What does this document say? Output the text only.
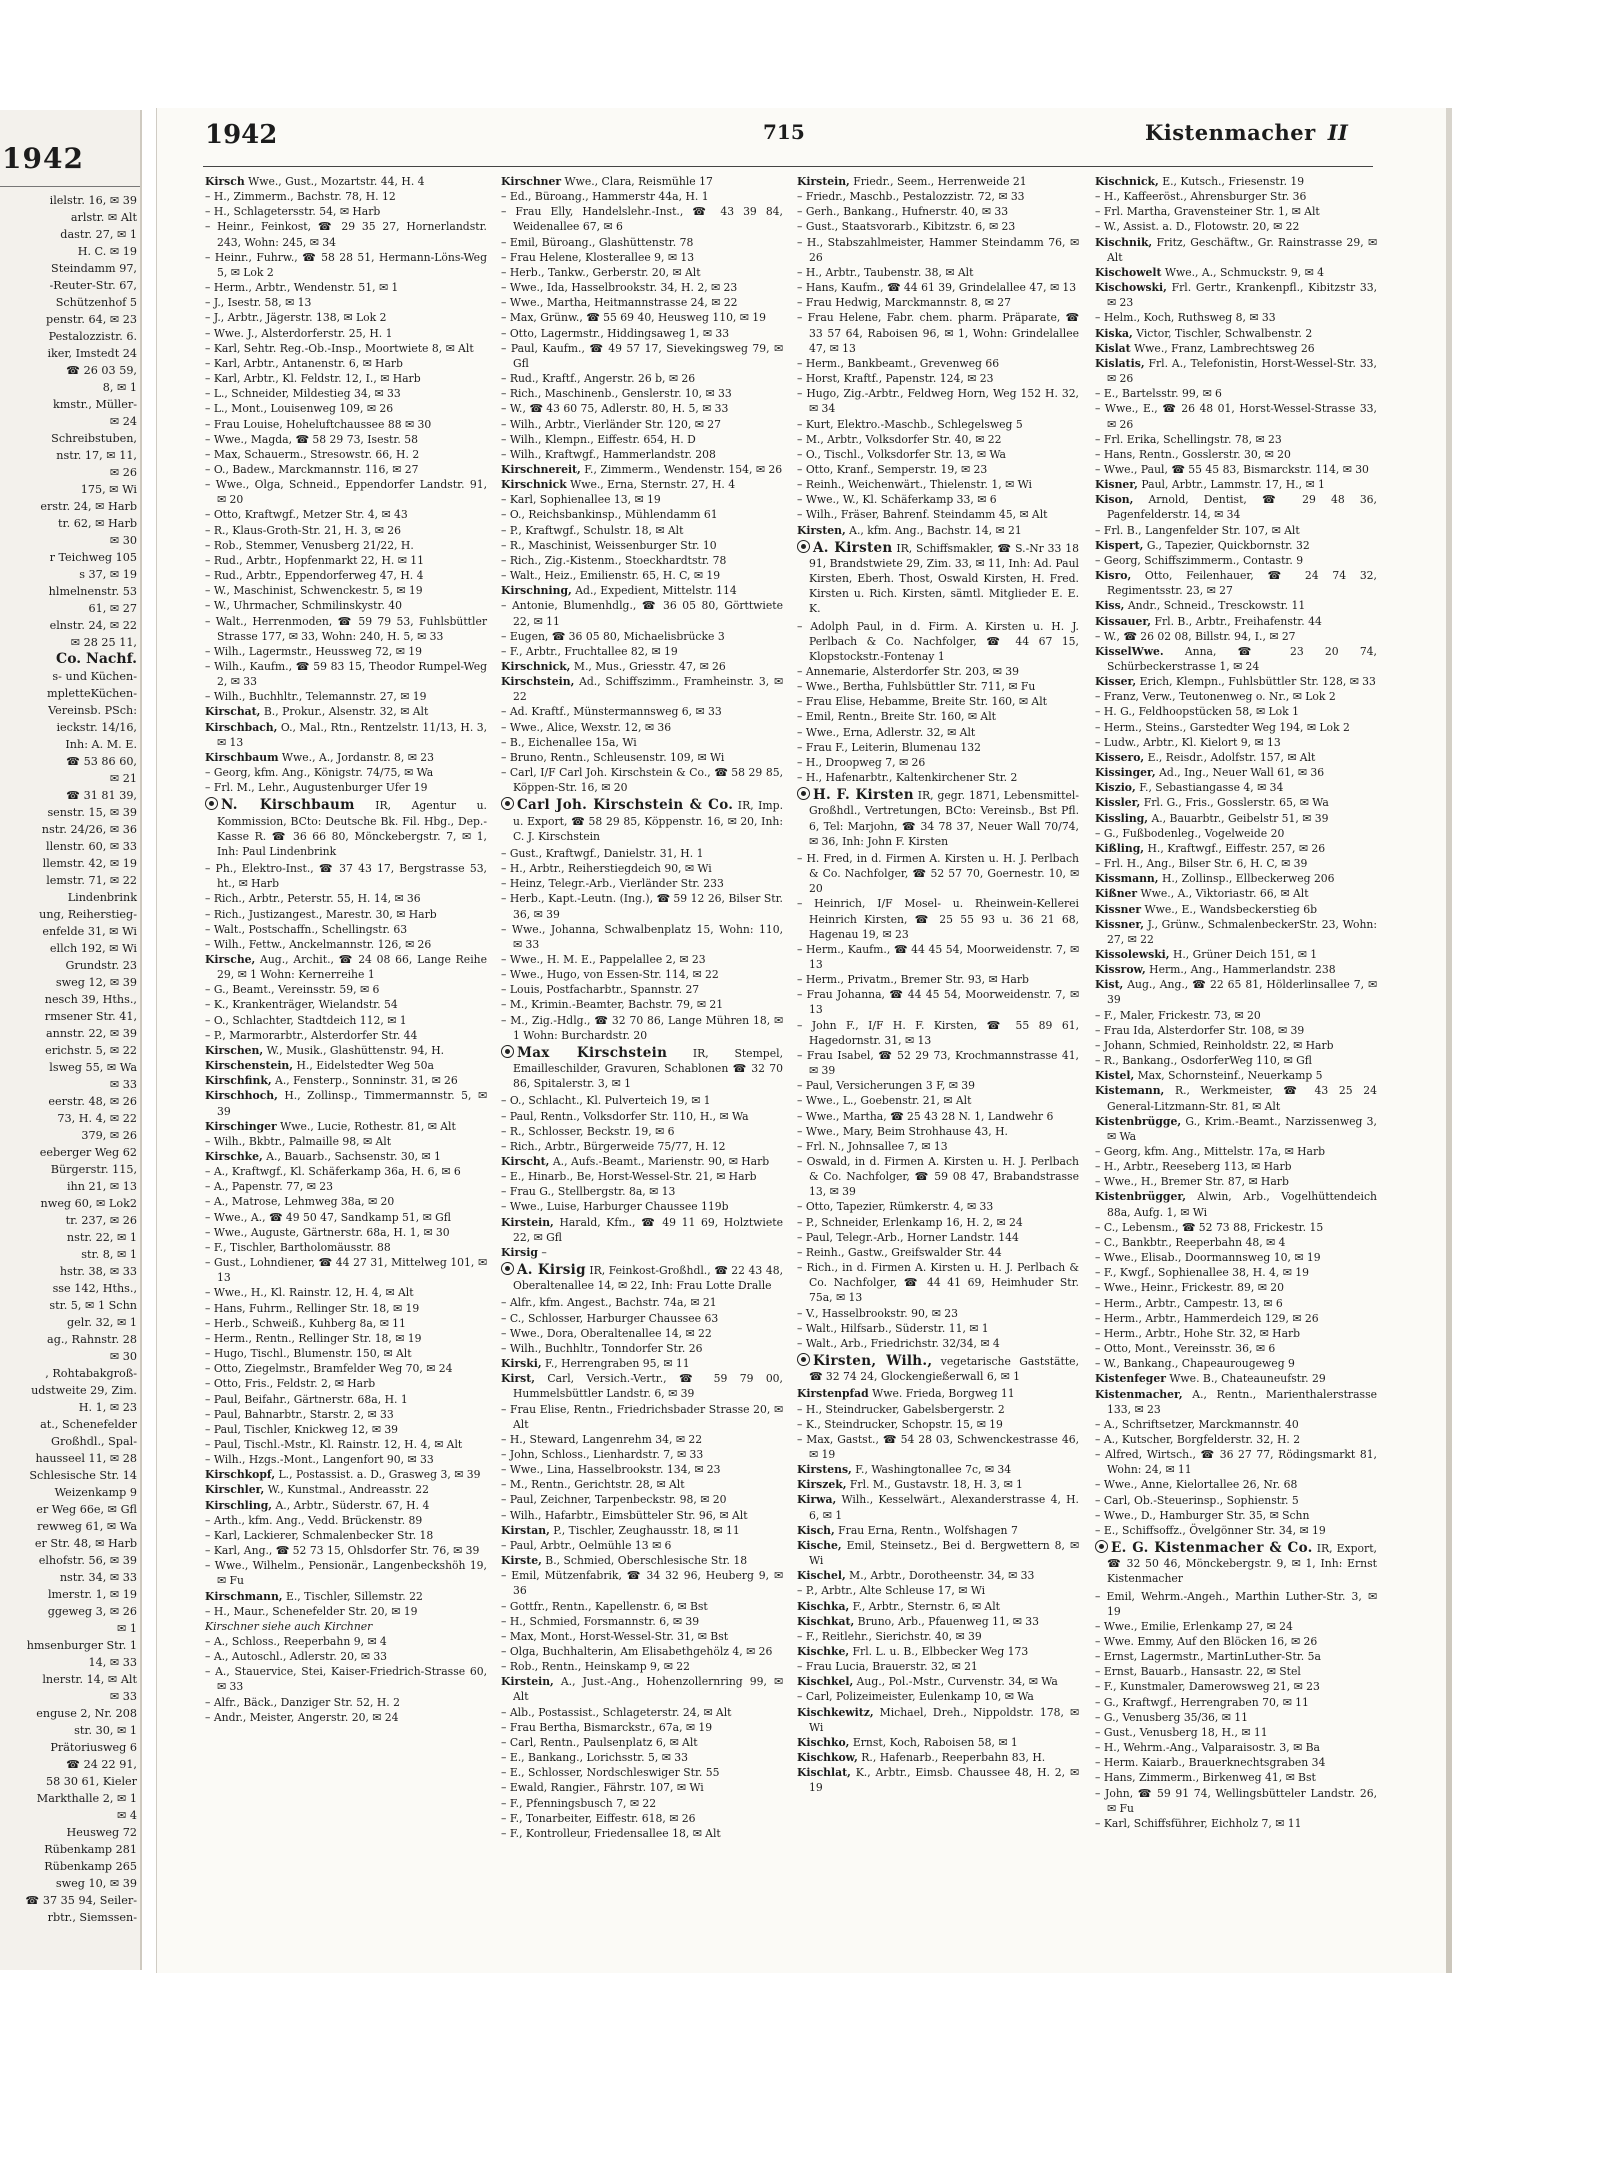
1942
ilelstr. 16, ✉ 39
arlstr. ✉ Alt
dastr. 27, ✉ 1
H. C. ✉ 19
Steindamm 97,
-Reuter-Str. 67,
Schützenhof 5
penstr. 64, ✉ 23
Pestalozzistr. 6.
iker, Imstedt 24
☎ 26 03 59,
8, ✉ 1
kmstr., Müller-
✉ 24
Schreibstuben,
nstr. 17, ✉ 11,
✉ 26
175, ✉ Wi
erstr. 24, ✉ Harb
tr. 62, ✉ Harb
✉ 30
r Teichweg 105
s 37, ✉ 19
hlmelnenstr. 53
61, ✉ 27
elnstr. 24, ✉ 22
✉ 28 25 11,
Co. Nachf.
s- und Küchen-
mpletteKüchen-
Vereinsb. PSch:
ieckstr. 14/16,
Inh: A. M. E.
☎ 53 86 60,
✉ 21
☎ 31 81 39,
senstr. 15, ✉ 39
nstr. 24/26, ✉ 36
llenstr. 60, ✉ 33
llemstr. 42, ✉ 19
lemstr. 71, ✉ 22
Lindenbrink
ung, Reiherstieg-
enfelde 31, ✉ Wi
ellch 192, ✉ Wi
Grundstr. 23
sweg 12, ✉ 39
nesch 39, Hths.,
rmsener Str. 41,
annstr. 22, ✉ 39
erichstr. 5, ✉ 22
lsweg 55, ✉ Wa
✉ 33
eerstr. 48, ✉ 26
73, H. 4, ✉ 22
379, ✉ 26
eeberger Weg 62
Bürgerstr. 115,
ihn 21, ✉ 13
nweg 60, ✉ Lok2
tr. 237, ✉ 26
nstr. 22, ✉ 1
str. 8, ✉ 1
hstr. 38, ✉ 33
sse 142, Hths.,
str. 5, ✉ 1 Schn
gelr. 32, ✉ 1
ag., Rahnstr. 28
✉ 30
, Rohtabakgroß-
udstweite 29, Zim.
H. 1, ✉ 23
at., Schenefelder
Großhdl., Spal-
hausseel 11, ✉ 28
Schlesische Str. 14
Weizenkamp 9
er Weg 66e, ✉ Gfl
rewweg 61, ✉ Wa
er Str. 48, ✉ Harb
elhofstr. 56, ✉ 39
nstr. 34, ✉ 33
lmerstr. 1, ✉ 19
ggeweg 3, ✉ 26
✉ 1
hmsenburger Str. 1
14, ✉ 33
lnerstr. 14, ✉ Alt
✉ 33
enguse 2, Nr. 208
str. 30, ✉ 1
Prätoriusweg 6
☎ 24 22 91,
58 30 61, Kieler
Markthalle 2, ✉ 1
✉ 4
Heusweg 72
Rübenkamp 281
Rübenkamp 265
sweg 10, ✉ 39
☎ 37 35 94, Seiler-
rbtr., Siemssen-
1942	715	Kistenmacher II
Kirsch Wwe., Gust., Mozartstr. 44, H. 4
– H., Zimmerm., Bachstr. 78, H. 12
– H., Schlagetersstr. 54, ✉ Harb
– Heinr., Feinkost, ☎ 29 35 27, Hornerlandstr. 243, Wohn: 245, ✉ 34
– Heinr., Fuhrw., ☎ 58 28 51, Hermann-Löns-Weg 5, ✉ Lok 2
– Herm., Arbtr., Wendenstr. 51, ✉ 1
– J., Isestr. 58, ✉ 13
– J., Arbtr., Jägerstr. 138, ✉ Lok 2
– Wwe. J., Alsterdorferstr. 25, H. 1
– Karl, Sehtr. Reg.-Ob.-Insp., Moortwiete 8, ✉ Alt
– Karl, Arbtr., Antanenstr. 6, ✉ Harb
– Karl, Arbtr., Kl. Feldstr. 12, I., ✉ Harb
– L., Schneider, Mildestieg 34, ✉ 33
– L., Mont., Louisenweg 109, ✉ 26
– Frau Louise, Hoheluftchaussee 88 ✉ 30
– Wwe., Magda, ☎ 58 29 73, Isestr. 58
– Max, Schauerm., Stresowstr. 66, H. 2
– O., Badew., Marckmannstr. 116, ✉ 27
– Wwe., Olga, Schneid., Eppendorfer Landstr. 91, ✉ 20
– Otto, Kraftwgf., Metzer Str. 4, ✉ 43
– R., Klaus-Groth-Str. 21, H. 3, ✉ 26
– Rob., Stemmer, Venusberg 21/22, H.
– Rud., Arbtr., Hopfenmarkt 22, H. ✉ 11
– Rud., Arbtr., Eppendorferweg 47, H. 4
– W., Maschinist, Schwenckestr. 5, ✉ 19
– W., Uhrmacher, Schmilinskystr. 40
– Walt., Herrenmoden, ☎ 59 79 53, Fuhlsbüttler Strasse 177, ✉ 33, Wohn: 240, H. 5, ✉ 33
– Wilh., Lagermstr., Heussweg 72, ✉ 19
– Wilh., Kaufm., ☎ 59 83 15, Theodor Rumpel-Weg 2, ✉ 33
– Wilh., Buchhltr., Telemannstr. 27, ✉ 19
Kirschat, B., Prokur., Alsenstr. 32, ✉ Alt
Kirschbach, O., Mal., Rtn., Rentzelstr. 11/13, H. 3, ✉ 13
Kirschbaum Wwe., A., Jordanstr. 8, ✉ 23
– Georg, kfm. Ang., Königstr. 74/75, ✉ Wa
– Frl. M., Lehr., Augustenburger Ufer 19
N. Kirschbaum IR, Agentur u. Kommission, BCto: Deutsche Bk. Fil. Hbg., Dep.-Kasse R. ☎ 36 66 80, Mönckebergstr. 7, ✉ 1, Inh: Paul Lindenbrink
– Ph., Elektro-Inst., ☎ 37 43 17, Bergstrasse 53, ht., ✉ Harb
– Rich., Arbtr., Peterstr. 55, H. 14, ✉ 36
– Rich., Justizangest., Marestr. 30, ✉ Harb
– Walt., Postschaffn., Schellingstr. 63
– Wilh., Fettw., Anckelmannstr. 126, ✉ 26
Kirsche, Aug., Archit., ☎ 24 08 66, Lange Reihe 29, ✉ 1 Wohn: Kernerreihe 1
– G., Beamt., Vereinsstr. 59, ✉ 6
– K., Krankenträger, Wielandstr. 54
– O., Schlachter, Stadtdeich 112, ✉ 1
– P., Marmorarbtr., Alsterdorfer Str. 44
Kirschen, W., Musik., Glashüttenstr. 94, H.
Kirschenstein, H., Eidelstedter Weg 50a
Kirschfink, A., Fensterp., Sonninstr. 31, ✉ 26
Kirschhoch, H., Zollinsp., Timmermannstr. 5, ✉ 39
Kirschinger Wwe., Lucie, Rothestr. 81, ✉ Alt
– Wilh., Bkbtr., Palmaille 98, ✉ Alt
Kirschke, A., Bauarb., Sachsenstr. 30, ✉ 1
– A., Kraftwgf., Kl. Schäferkamp 36a, H. 6, ✉ 6
– A., Papenstr. 77, ✉ 23
– A., Matrose, Lehmweg 38a, ✉ 20
– Wwe., A., ☎ 49 50 47, Sandkamp 51, ✉ Gfl
– Wwe., Auguste, Gärtnerstr. 68a, H. 1, ✉ 30
– F., Tischler, Bartholomäusstr. 88
– Gust., Lohndiener, ☎ 44 27 31, Mittelweg 101, ✉ 13
– Wwe., H., Kl. Rainstr. 12, H. 4, ✉ Alt
– Hans, Fuhrm., Rellinger Str. 18, ✉ 19
– Herb., Schweiß., Kuhberg 8a, ✉ 11
– Herm., Rentn., Rellinger Str. 18, ✉ 19
– Hugo, Tischl., Blumenstr. 150, ✉ Alt
– Otto, Ziegelmstr., Bramfelder Weg 70, ✉ 24
– Otto, Fris., Feldstr. 2, ✉ Harb
– Paul, Beifahr., Gärtnerstr. 68a, H. 1
– Paul, Bahnarbtr., Starstr. 2, ✉ 33
– Paul, Tischler, Knickweg 12, ✉ 39
– Paul, Tischl.-Mstr., Kl. Rainstr. 12, H. 4, ✉ Alt
– Wilh., Hzgs.-Mont., Langenfort 90, ✉ 33
Kirschkopf, L., Postassist. a. D., Grasweg 3, ✉ 39
Kirschler, W., Kunstmal., Andreasstr. 22
Kirschling, A., Arbtr., Süderstr. 67, H. 4
– Arth., kfm. Ang., Vedd. Brückenstr. 89
– Karl, Lackierer, Schmalenbecker Str. 18
– Karl, Ang., ☎ 52 73 15, Ohlsdorfer Str. 76, ✉ 39
– Wwe., Wilhelm., Pensionär., Langenbeckshöh 19, ✉ Fu
Kirschmann, E., Tischler, Sillemstr. 22
– H., Maur., Schenefelder Str. 20, ✉ 19
Kirschner siehe auch Kirchner
– A., Schloss., Reeperbahn 9, ✉ 4
– A., Autoschl., Adlerstr. 20, ✉ 33
– A., Stauervice, Stei, Kaiser-Friedrich-Strasse 60, ✉ 33
– Alfr., Bäck., Danziger Str. 52, H. 2
– Andr., Meister, Angerstr. 20, ✉ 24
Kirschner Wwe., Clara, Reismühle 17
– Ed., Büroang., Hammerstr 44a, H. 1
– Frau Elly, Handelslehr.-Inst., ☎ 43 39 84, Weidenallee 67, ✉ 6
– Emil, Büroang., Glashüttenstr. 78
– Frau Helene, Klosterallee 9, ✉ 13
– Herb., Tankw., Gerberstr. 20, ✉ Alt
– Wwe., Ida, Hasselbrookstr. 34, H. 2, ✉ 23
– Wwe., Martha, Heitmannstrasse 24, ✉ 22
– Max, Grünw., ☎ 55 69 40, Heusweg 110, ✉ 19
– Otto, Lagermstr., Hiddingsaweg 1, ✉ 33
– Paul, Kaufm., ☎ 49 57 17, Sievekingsweg 79, ✉ Gfl
– Rud., Kraftf., Angerstr. 26 b, ✉ 26
– Rich., Maschinenb., Genslerstr. 10, ✉ 33
– W., ☎ 43 60 75, Adlerstr. 80, H. 5, ✉ 33
– Wilh., Arbtr., Vierländer Str. 120, ✉ 27
– Wilh., Klempn., Eiffestr. 654, H. D
– Wilh., Kraftwgf., Hammerlandstr. 208
Kirschnereit, F., Zimmerm., Wendenstr. 154, ✉ 26
Kirschnick Wwe., Erna, Sternstr. 27, H. 4
– Karl, Sophienallee 13, ✉ 19
– O., Reichsbankinsp., Mühlendamm 61
– P., Kraftwgf., Schulstr. 18, ✉ Alt
– R., Maschinist, Weissenburger Str. 10
– Rich., Zig.-Kistenm., Stoeckhardtstr. 78
– Walt., Heiz., Emilienstr. 65, H. C, ✉ 19
Kirschning, Ad., Expedient, Mittelstr. 114
– Antonie, Blumenhdlg., ☎ 36 05 80, Görttwiete 22, ✉ 11
– Eugen, ☎ 36 05 80, Michaelisbrücke 3
– F., Arbtr., Fruchtallee 82, ✉ 19
Kirschnick, M., Mus., Griesstr. 47, ✉ 26
Kirschstein, Ad., Schiffszimm., Framheinstr. 3, ✉ 22
– Ad. Kraftf., Münstermannsweg 6, ✉ 33
– Wwe., Alice, Wexstr. 12, ✉ 36
– B., Eichenallee 15a, Wi
– Bruno, Rentn., Schleusenstr. 109, ✉ Wi
– Carl, I/F Carl Joh. Kirschstein & Co., ☎ 58 29 85, Köppen-Str. 16, ✉ 20
Carl Joh. Kirschstein & Co. IR, Imp. u. Export, ☎ 58 29 85, Köppenstr. 16, ✉ 20, Inh: C. J. Kirschstein
– Gust., Kraftwgf., Danielstr. 31, H. 1
– H., Arbtr., Reiherstiegdeich 90, ✉ Wi
– Heinz, Telegr.-Arb., Vierländer Str. 233
– Herb., Kapt.-Leutn. (Ing.), ☎ 59 12 26, Bilser Str. 36, ✉ 39
– Wwe., Johanna, Schwalbenplatz 15, Wohn: 110, ✉ 33
– Wwe., H. M. E., Pappelallee 2, ✉ 23
– Wwe., Hugo, von Essen-Str. 114, ✉ 22
– Louis, Postfacharbtr., Spannstr. 27
– M., Krimin.-Beamter, Bachstr. 79, ✉ 21
– M., Zig.-Hdlg., ☎ 32 70 86, Lange Mühren 18, ✉ 1 Wohn: Burchardstr. 20
Max Kirschstein IR, Stempel, Emailleschilder, Gravuren, Schablonen ☎ 32 70 86, Spitalerstr. 3, ✉ 1
– O., Schlacht., Kl. Pulverteich 19, ✉ 1
– Paul, Rentn., Volksdorfer Str. 110, H., ✉ Wa
– R., Schlosser, Beckstr. 19, ✉ 6
– Rich., Arbtr., Bürgerweide 75/77, H. 12
Kirscht, A., Aufs.-Beamt., Marienstr. 90, ✉ Harb
– E., Hinarb., Be, Horst-Wessel-Str. 21, ✉ Harb
– Frau G., Stellbergstr. 8a, ✉ 13
– Wwe., Luise, Harburger Chaussee 119b
Kirstein, Harald, Kfm., ☎ 49 11 69, Holztwiete 22, ✉ Gfl
Kirsig –
A. Kirsig IR, Feinkost-Großhdl., ☎ 22 43 48, Oberaltenallee 14, ✉ 22, Inh: Frau Lotte Dralle
– Alfr., kfm. Angest., Bachstr. 74a, ✉ 21
– C., Schlosser, Harburger Chaussee 63
– Wwe., Dora, Oberaltenallee 14, ✉ 22
– Wilh., Buchhltr., Tonndorfer Str. 26
Kirski, F., Herrengraben 95, ✉ 11
Kirst, Carl, Versich.-Vertr., ☎ 59 79 00, Hummelsbüttler Landstr. 6, ✉ 39
– Frau Elise, Rentn., Friedrichsbader Strasse 20, ✉ Alt
– H., Steward, Langenrehm 34, ✉ 22
– John, Schloss., Lienhardstr. 7, ✉ 33
– Wwe., Lina, Hasselbrookstr. 134, ✉ 23
– M., Rentn., Gerichtstr. 28, ✉ Alt
– Paul, Zeichner, Tarpenbeckstr. 98, ✉ 20
– Wilh., Hafarbtr., Eimsbütteler Str. 96, ✉ Alt
Kirstan, P., Tischler, Zeughausstr. 18, ✉ 11
– Paul, Arbtr., Oelmühle 13 ✉ 6
Kirste, B., Schmied, Oberschlesische Str. 18
– Emil, Mützenfabrik, ☎ 34 32 96, Heuberg 9, ✉ 36
– Gottfr., Rentn., Kapellenstr. 6, ✉ Bst
– H., Schmied, Forsmannstr. 6, ✉ 39
– Max, Mont., Horst-Wessel-Str. 31, ✉ Bst
– Olga, Buchhalterin, Am Elisabethgehölz 4, ✉ 26
– Rob., Rentn., Heinskamp 9, ✉ 22
Kirstein, A., Just.-Ang., Hohenzollernring 99, ✉ Alt
– Alb., Postassist., Schlageterstr. 24, ✉ Alt
– Frau Bertha, Bismarckstr., 67a, ✉ 19
– Carl, Rentn., Paulsenplatz 6, ✉ Alt
– E., Bankang., Lorichsstr. 5, ✉ 33
– E., Schlosser, Nordschleswiger Str. 55
– Ewald, Rangier., Fährstr. 107, ✉ Wi
– F., Pfenningsbusch 7, ✉ 22
– F., Tonarbeiter, Eiffestr. 618, ✉ 26
– F., Kontrolleur, Friedensallee 18, ✉ Alt
Kirstein, Friedr., Seem., Herrenweide 21
– Friedr., Maschb., Pestalozzistr. 72, ✉ 33
– Gerh., Bankang., Hufnerstr. 40, ✉ 33
– Gust., Staatsvorarb., Kibitzstr. 6, ✉ 23
– H., Stabszahlmeister, Hammer Steindamm 76, ✉ 26
– H., Arbtr., Taubenstr. 38, ✉ Alt
– Hans, Kaufm., ☎ 44 61 39, Grindelallee 47, ✉ 13
– Frau Hedwig, Marckmannstr. 8, ✉ 27
– Frau Helene, Fabr. chem. pharm. Präparate, ☎ 33 57 64, Raboisen 96, ✉ 1, Wohn: Grindelallee 47, ✉ 13
– Herm., Bankbeamt., Grevenweg 66
– Horst, Kraftf., Papenstr. 124, ✉ 23
– Hugo, Zig.-Arbtr., Feldweg Horn, Weg 152 H. 32, ✉ 34
– Kurt, Elektro.-Maschb., Schlegelsweg 5
– M., Arbtr., Volksdorfer Str. 40, ✉ 22
– O., Tischl., Volksdorfer Str. 13, ✉ Wa
– Otto, Kranf., Semperstr. 19, ✉ 23
– Reinh., Weichenwärt., Thielenstr. 1, ✉ Wi
– Wwe., W., Kl. Schäferkamp 33, ✉ 6
– Wilh., Fräser, Bahrenf. Steindamm 45, ✉ Alt
Kirsten, A., kfm. Ang., Bachstr. 14, ✉ 21
A. Kirsten IR, Schiffsmakler, ☎ S.-Nr 33 18 91, Brandstwiete 29, Zim. 33, ✉ 11, Inh: Ad. Paul Kirsten, Eberh. Thost, Oswald Kirsten, H. Fred. Kirsten u. Rich. Kirsten, sämtl. Mitglieder E. E. K.
– Adolph Paul, in d. Firm. A. Kirsten u. H. J. Perlbach & Co. Nachfolger, ☎ 44 67 15, Klopstockstr.-Fontenay 1
– Annemarie, Alsterdorfer Str. 203, ✉ 39
– Wwe., Bertha, Fuhlsbüttler Str. 711, ✉ Fu
– Frau Elise, Hebamme, Breite Str. 160, ✉ Alt
– Emil, Rentn., Breite Str. 160, ✉ Alt
– Wwe., Erna, Adlerstr. 32, ✉ Alt
– Frau F., Leiterin, Blumenau 132
– H., Droopweg 7, ✉ 26
– H., Hafenarbtr., Kaltenkirchener Str. 2
H. F. Kirsten IR, gegr. 1871, Lebensmittel-Großhdl., Vertretungen, BCto: Vereinsb., Bst Pfl. 6, Tel: Marjohn, ☎ 34 78 37, Neuer Wall 70/74, ✉ 36, Inh: John F. Kirsten
– H. Fred, in d. Firmen A. Kirsten u. H. J. Perlbach & Co. Nachfolger, ☎ 52 57 70, Goernestr. 10, ✉ 20
– Heinrich, I/F Mosel- u. Rheinwein-Kellerei Heinrich Kirsten, ☎ 25 55 93 u. 36 21 68, Hagenau 19, ✉ 23
– Herm., Kaufm., ☎ 44 45 54, Moorweidenstr. 7, ✉ 13
– Herm., Privatm., Bremer Str. 93, ✉ Harb
– Frau Johanna, ☎ 44 45 54, Moorweidenstr. 7, ✉ 13
– John F., I/F H. F. Kirsten, ☎ 55 89 61, Hagedornstr. 31, ✉ 13
– Frau Isabel, ☎ 52 29 73, Krochmannstrasse 41, ✉ 39
– Paul, Versicherungen 3 F, ✉ 39
– Wwe., L., Goebenstr. 21, ✉ Alt
– Wwe., Martha, ☎ 25 43 28 N. 1, Landwehr 6
– Wwe., Mary, Beim Strohhause 43, H.
– Frl. N., Johnsallee 7, ✉ 13
– Oswald, in d. Firmen A. Kirsten u. H. J. Perlbach & Co. Nachfolger, ☎ 59 08 47, Brabandstrasse 13, ✉ 39
– Otto, Tapezier, Rümkerstr. 4, ✉ 33
– P., Schneider, Erlenkamp 16, H. 2, ✉ 24
– Paul, Telegr.-Arb., Horner Landstr. 144
– Reinh., Gastw., Greifswalder Str. 44
– Rich., in d. Firmen A. Kirsten u. H. J. Perlbach & Co. Nachfolger, ☎ 44 41 69, Heimhuder Str. 75a, ✉ 13
– V., Hasselbrookstr. 90, ✉ 23
– Walt., Hilfsarb., Süderstr. 11, ✉ 1
– Walt., Arb., Friedrichstr. 32/34, ✉ 4
Kirsten, Wilh., vegetarische Gaststätte, ☎ 32 74 24, Glockengießerwall 6, ✉ 1
Kirstenpfad Wwe. Frieda, Borgweg 11
– H., Steindrucker, Gabelsbergerstr. 2
– K., Steindrucker, Schopstr. 15, ✉ 19
– Max, Gastst., ☎ 54 28 03, Schwenckestrasse 46, ✉ 19
Kirstens, F., Washingtonallee 7c, ✉ 34
Kirszek, Frl. M., Gustavstr. 18, H. 3, ✉ 1
Kirwa, Wilh., Kesselwärt., Alexanderstrasse 4, H. 6, ✉ 1
Kisch, Frau Erna, Rentn., Wolfshagen 7
Kische, Emil, Steinsetz., Bei d. Bergwettern 8, ✉ Wi
Kischel, M., Arbtr., Dorotheenstr. 34, ✉ 33
– P., Arbtr., Alte Schleuse 17, ✉ Wi
Kischka, F., Arbtr., Sternstr. 6, ✉ Alt
Kischkat, Bruno, Arb., Pfauenweg 11, ✉ 33
– F., Reitlehr., Sierichstr. 40, ✉ 39
Kischke, Frl. L. u. B., Elbbecker Weg 173
– Frau Lucia, Brauerstr. 32, ✉ 21
Kischkel, Aug., Pol.-Mstr., Curvenstr. 34, ✉ Wa
– Carl, Polizeimeister, Eulenkamp 10, ✉ Wa
Kischkewitz, Michael, Dreh., Nippoldstr. 178, ✉ Wi
Kischko, Ernst, Koch, Raboisen 58, ✉ 1
Kischkow, R., Hafenarb., Reeperbahn 83, H.
Kischlat, K., Arbtr., Eimsb. Chaussee 48, H. 2, ✉ 19
Kischnick, E., Kutsch., Friesenstr. 19
– H., Kaffeeröst., Ahrensburger Str. 36
– Frl. Martha, Gravensteiner Str. 1, ✉ Alt
– W., Assist. a. D., Flotowstr. 20, ✉ 22
Kischnik, Fritz, Geschäftw., Gr. Rainstrasse 29, ✉ Alt
Kischowelt Wwe., A., Schmuckstr. 9, ✉ 4
Kischowski, Frl. Gertr., Krankenpfl., Kibitzstr 33, ✉ 23
– Helm., Koch, Ruthsweg 8, ✉ 33
Kiska, Victor, Tischler, Schwalbenstr. 2
Kislat Wwe., Franz, Lambrechtsweg 26
Kislatis, Frl. A., Telefonistin, Horst-Wessel-Str. 33, ✉ 26
– E., Bartelsstr. 99, ✉ 6
– Wwe., E., ☎ 26 48 01, Horst-Wessel-Strasse 33, ✉ 26
– Frl. Erika, Schellingstr. 78, ✉ 23
– Hans, Rentn., Gosslerstr. 30, ✉ 20
– Wwe., Paul, ☎ 55 45 83, Bismarckstr. 114, ✉ 30
Kisner, Paul, Arbtr., Lammstr. 17, H., ✉ 1
Kison, Arnold, Dentist, ☎ 29 48 36, Pagenfelderstr. 14, ✉ 34
– Frl. B., Langenfelder Str. 107, ✉ Alt
Kispert, G., Tapezier, Quickbornstr. 32
– Georg, Schiffszimmerm., Contastr. 9
Kisro, Otto, Feilenhauer, ☎ 24 74 32, Regimentsstr. 23, ✉ 27
Kiss, Andr., Schneid., Tresckowstr. 11
Kissauer, Frl. B., Arbtr., Freihafenstr. 44
– W., ☎ 26 02 08, Billstr. 94, I., ✉ 27
KisselWwe. Anna, ☎ 23 20 74, Schürbeckerstrasse 1, ✉ 24
Kisser, Erich, Klempn., Fuhlsbüttler Str. 128, ✉ 33
– Franz, Verw., Teutonenweg o. Nr., ✉ Lok 2
– H. G., Feldhoopstücken 58, ✉ Lok 1
– Herm., Steins., Garstedter Weg 194, ✉ Lok 2
– Ludw., Arbtr., Kl. Kielort 9, ✉ 13
Kissero, E., Reisdr., Adolfstr. 157, ✉ Alt
Kissinger, Ad., Ing., Neuer Wall 61, ✉ 36
Kiszio, F., Sebastiangasse 4, ✉ 34
Kissler, Frl. G., Fris., Gosslerstr. 65, ✉ Wa
Kissling, A., Bauarbtr., Geibelstr 51, ✉ 39
– G., Fußbodenleg., Vogelweide 20
Kißling, H., Kraftwgf., Eiffestr. 257, ✉ 26
– Frl. H., Ang., Bilser Str. 6, H. C, ✉ 39
Kissmann, H., Zollinsp., Ellbeckerweg 206
Kißner Wwe., A., Viktoriastr. 66, ✉ Alt
Kissner Wwe., E., Wandsbeckerstieg 6b
Kissner, J., Grünw., SchmalenbeckerStr. 23, Wohn: 27, ✉ 22
Kissolewski, H., Grüner Deich 151, ✉ 1
Kissrow, Herm., Ang., Hammerlandstr. 238
Kist, Aug., Ang., ☎ 22 65 81, Hölderlinsallee 7, ✉ 39
– F., Maler, Frickestr. 73, ✉ 20
– Frau Ida, Alsterdorfer Str. 108, ✉ 39
– Johann, Schmied, Reinholdstr. 22, ✉ Harb
– R., Bankang., OsdorferWeg 110, ✉ Gfl
Kistel, Max, Schornsteinf., Neuerkamp 5
Kistemann, R., Werkmeister, ☎ 43 25 24 General-Litzmann-Str. 81, ✉ Alt
Kistenbrügge, G., Krim.-Beamt., Narzissenweg 3, ✉ Wa
– Georg, kfm. Ang., Mittelstr. 17a, ✉ Harb
– H., Arbtr., Reeseberg 113, ✉ Harb
– Wwe., H., Bremer Str. 87, ✉ Harb
Kistenbrügger, Alwin, Arb., Vogelhüttendeich 88a, Aufg. 1, ✉ Wi
– C., Lebensm., ☎ 52 73 88, Frickestr. 15
– C., Bankbtr., Reeperbahn 48, ✉ 4
– Wwe., Elisab., Doormannsweg 10, ✉ 19
– F., Kwgf., Sophienallee 38, H. 4, ✉ 19
– Wwe., Heinr., Frickestr. 89, ✉ 20
– Herm., Arbtr., Campestr. 13, ✉ 6
– Herm., Arbtr., Hammerdeich 129, ✉ 26
– Herm., Arbtr., Hohe Str. 32, ✉ Harb
– Otto, Mont., Vereinsstr. 36, ✉ 6
– W., Bankang., Chapeaurougeweg 9
Kistenfeger Wwe. B., Chateauneufstr. 29
Kistenmacher, A., Rentn., Marienthalerstrasse 133, ✉ 23
– A., Schriftsetzer, Marckmannstr. 40
– A., Kutscher, Borgfelderstr. 32, H. 2
– Alfred, Wirtsch., ☎ 36 27 77, Rödingsmarkt 81, Wohn: 24, ✉ 11
– Wwe., Anne, Kielortallee 26, Nr. 68
– Carl, Ob.-Steuerinsp., Sophienstr. 5
– Wwe., D., Hamburger Str. 35, ✉ Schn
– E., Schiffsoffz., Övelgönner Str. 34, ✉ 19
E. G. Kistenmacher & Co. IR, Export, ☎ 32 50 46, Mönckebergstr. 9, ✉ 1, Inh: Ernst Kistenmacher
– Emil, Wehrm.-Angeh., Marthin Luther-Str. 3, ✉ 19
– Wwe., Emilie, Erlenkamp 27, ✉ 24
– Wwe. Emmy, Auf den Blöcken 16, ✉ 26
– Ernst, Lagermstr., MartinLuther-Str. 5a
– Ernst, Bauarb., Hansastr. 22, ✉ Stel
– F., Kunstmaler, Damerowsweg 21, ✉ 23
– G., Kraftwgf., Herrengraben 70, ✉ 11
– G., Venusberg 35/36, ✉ 11
– Gust., Venusberg 18, H., ✉ 11
– H., Wehrm.-Ang., Valparaisostr. 3, ✉ Ba
– Herm. Kaiarb., Brauerknechtsgraben 34
– Hans, Zimmerm., Birkenweg 41, ✉ Bst
– John, ☎ 59 91 74, Wellingsbütteler Landstr. 26, ✉ Fu
– Karl, Schiffsführer, Eichholz 7, ✉ 11
